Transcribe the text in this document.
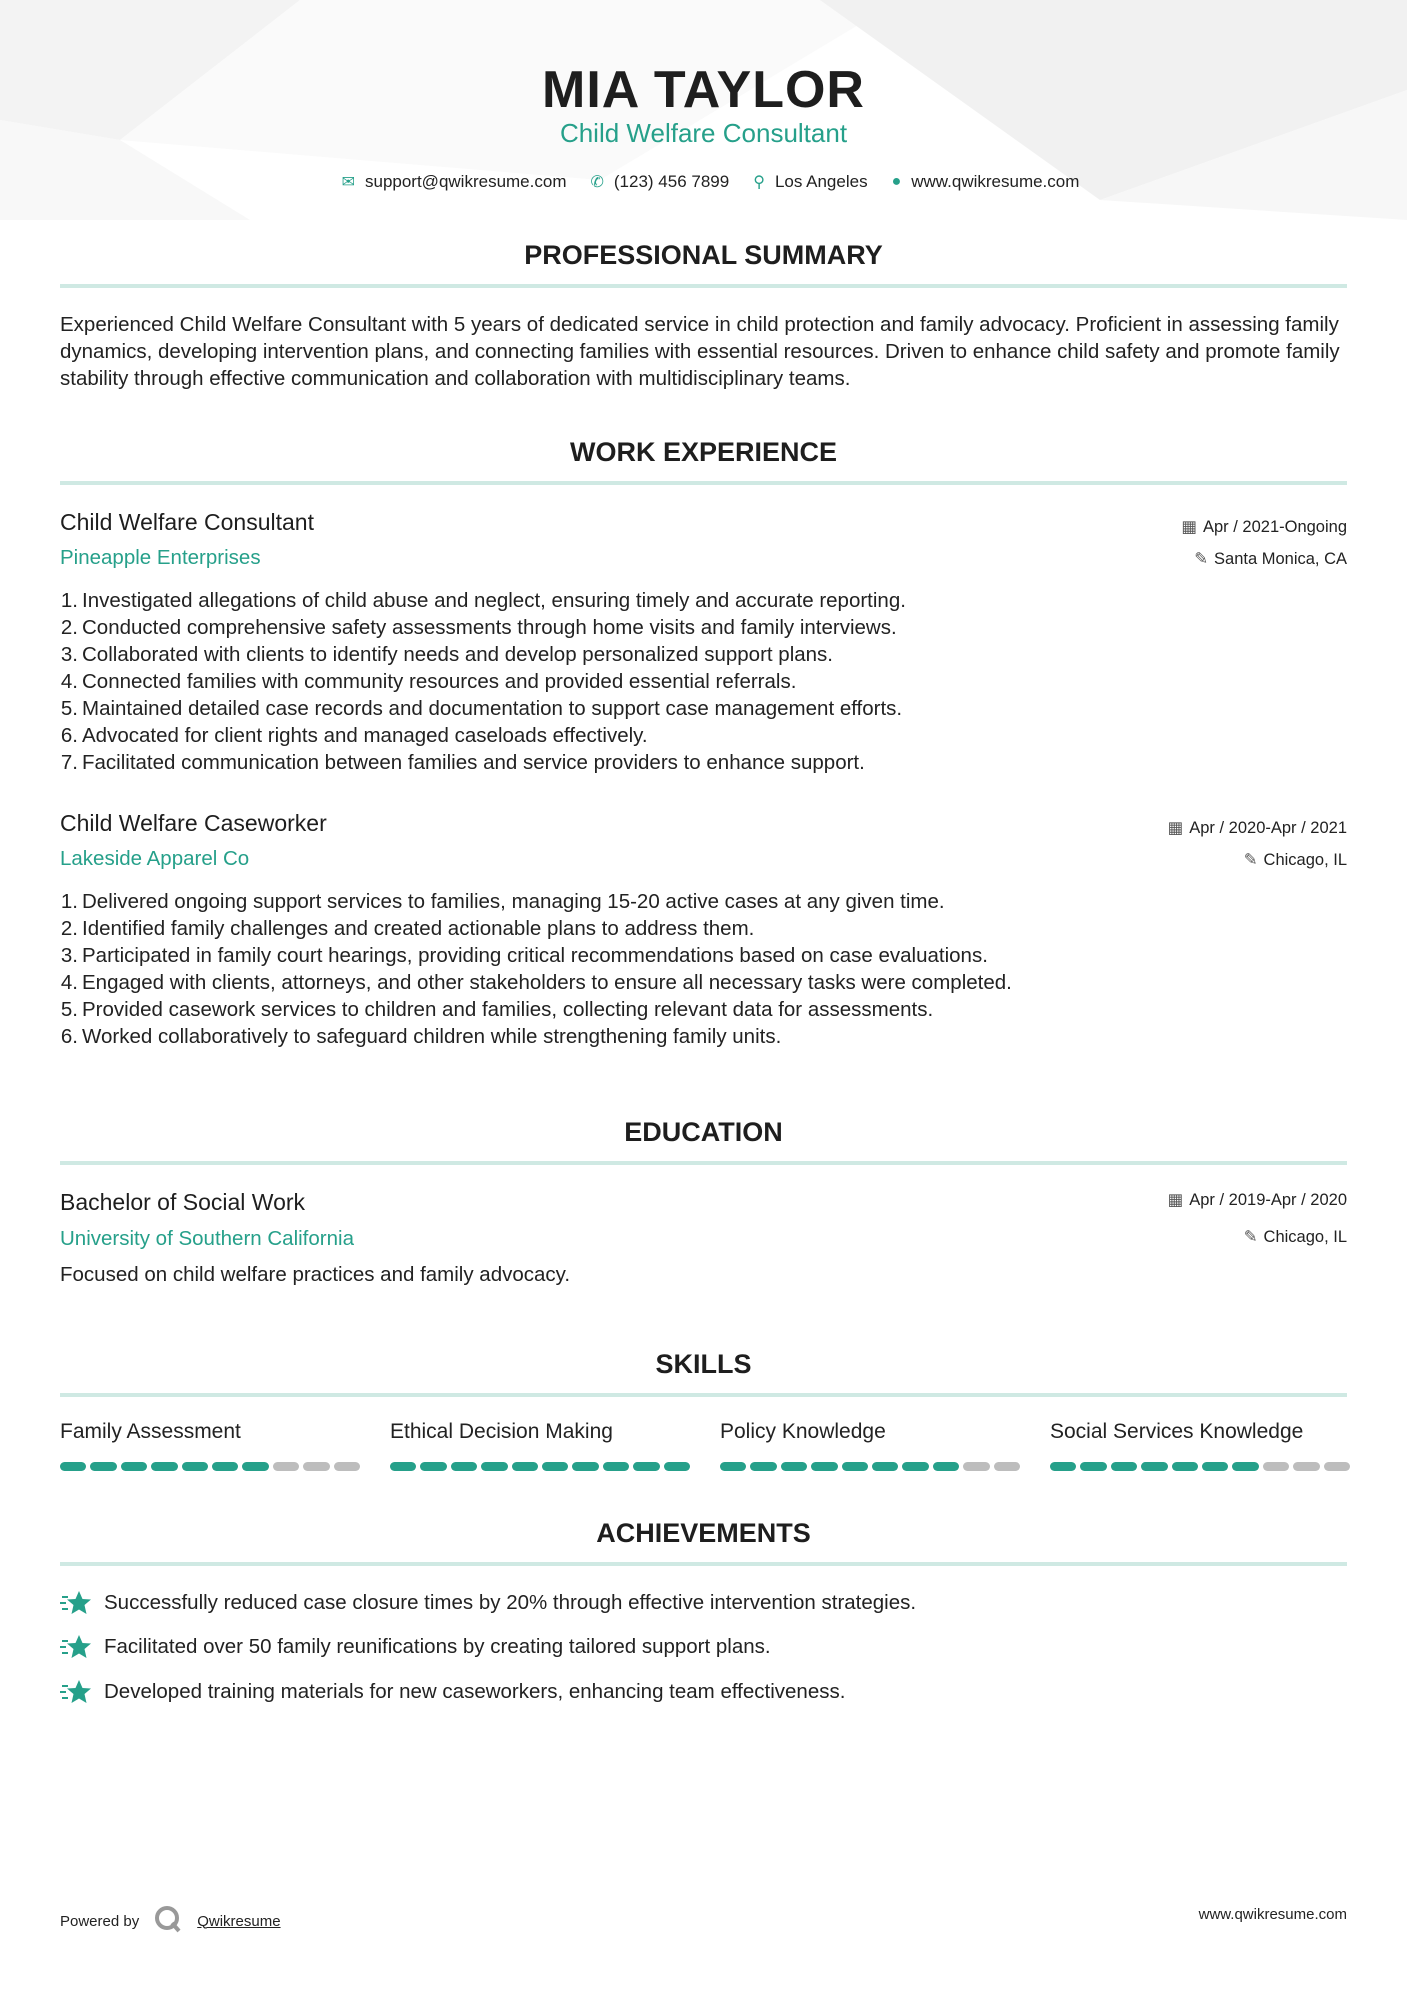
MIA TAYLOR
Child Welfare Consultant
✉ support@qwikresume.com ✆ (123) 456 7899 ⚲ Los Angeles ● www.qwikresume.com
PROFESSIONAL SUMMARY
Experienced Child Welfare Consultant with 5 years of dedicated service in child protection and family advocacy. Proficient in assessing family dynamics, developing intervention plans, and connecting families with essential resources. Driven to enhance child safety and promote family stability through effective communication and collaboration with multidisciplinary teams.
WORK EXPERIENCE
Child Welfare Consultant
Pineapple Enterprises
▦ Apr / 2021-Ongoing
✎ Santa Monica, CA
1. Investigated allegations of child abuse and neglect, ensuring timely and accurate reporting.
2. Conducted comprehensive safety assessments through home visits and family interviews.
3. Collaborated with clients to identify needs and develop personalized support plans.
4. Connected families with community resources and provided essential referrals.
5. Maintained detailed case records and documentation to support case management efforts.
6. Advocated for client rights and managed caseloads effectively.
7. Facilitated communication between families and service providers to enhance support.
Child Welfare Caseworker
Lakeside Apparel Co
▦ Apr / 2020-Apr / 2021
✎ Chicago, IL
1. Delivered ongoing support services to families, managing 15-20 active cases at any given time.
2. Identified family challenges and created actionable plans to address them.
3. Participated in family court hearings, providing critical recommendations based on case evaluations.
4. Engaged with clients, attorneys, and other stakeholders to ensure all necessary tasks were completed.
5. Provided casework services to children and families, collecting relevant data for assessments.
6. Worked collaboratively to safeguard children while strengthening family units.
EDUCATION
Bachelor of Social Work
University of Southern California
▦ Apr / 2019-Apr / 2020
✎ Chicago, IL
Focused on child welfare practices and family advocacy.
SKILLS
Family Assessment	Ethical Decision Making	Policy Knowledge	Social Services Knowledge
ACHIEVEMENTS
Successfully reduced case closure times by 20% through effective intervention strategies.
Facilitated over 50 family reunifications by creating tailored support plans.
Developed training materials for new caseworkers, enhancing team effectiveness.
Powered by	Qwikresume	www.qwikresume.com
